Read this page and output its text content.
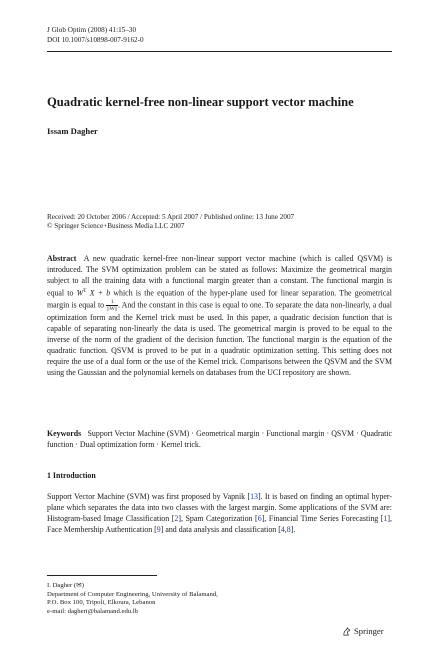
J Glob Optim (2008) 41:15–30
DOI 10.1007/s10898-007-9162-0
Quadratic kernel-free non-linear support vector machine
Issam Dagher
Received: 20 October 2006 / Accepted: 5 April 2007 / Published online: 13 June 2007
© Springer Science+Business Media LLC 2007
Abstract A new quadratic kernel-free non-linear support vector machine (which is called QSVM) is introduced. The SVM optimization problem can be stated as follows: Maximize the geometrical margin subject to all the training data with a functional margin greater than a constant. The functional margin is equal to $W^T$ X + b which is the equation of the hyper-plane used for linear separation. The geometrical margin is equal to $\frac{1}{||W||}$ . And the constant in this case is equal to one. To separate the data non-linearly, a dual optimization form and the Kernel trick must be used. In this paper, a quadratic decision function that is capable of separating non-linearly the data is used. The geometrical margin is proved to be equal to the inverse of the norm of the gradient of the decision function. The functional margin is the equation of the quadratic function. QSVM is proved to be put in a quadratic optimization setting. This setting does not require the use of a dual form or the use of the Kernel trick. Comparisons between the QSVM and the SVM using the Gaussian and the polynomial kernels on databases from the UCI repository are shown.
Keywords Support Vector Machine (SVM) · Geometrical margin · Functional margin · QSVM · Quadratic function · Dual optimization form · Kernel trick.
1 Introduction
Support Vector Machine (SVM) was first proposed by Vapnik [13]. It is based on finding an optimal hyper-plane which separates the data into two classes with the largest margin. Some applications of the SVM are: Histogram-based Image Classification [2], Spam Categorization [6], Financial Time Series Forecasting [1], Face Membership Authentication [9] and data analysis and classification [4,8].
I. Dagher (✉)
Department of Computer Engineering, University of Balamand,
P.O. Box 100, Tripoli, Elkoura, Lebanon
e-mail: dagheri@balamand.edu.lb
Springer
